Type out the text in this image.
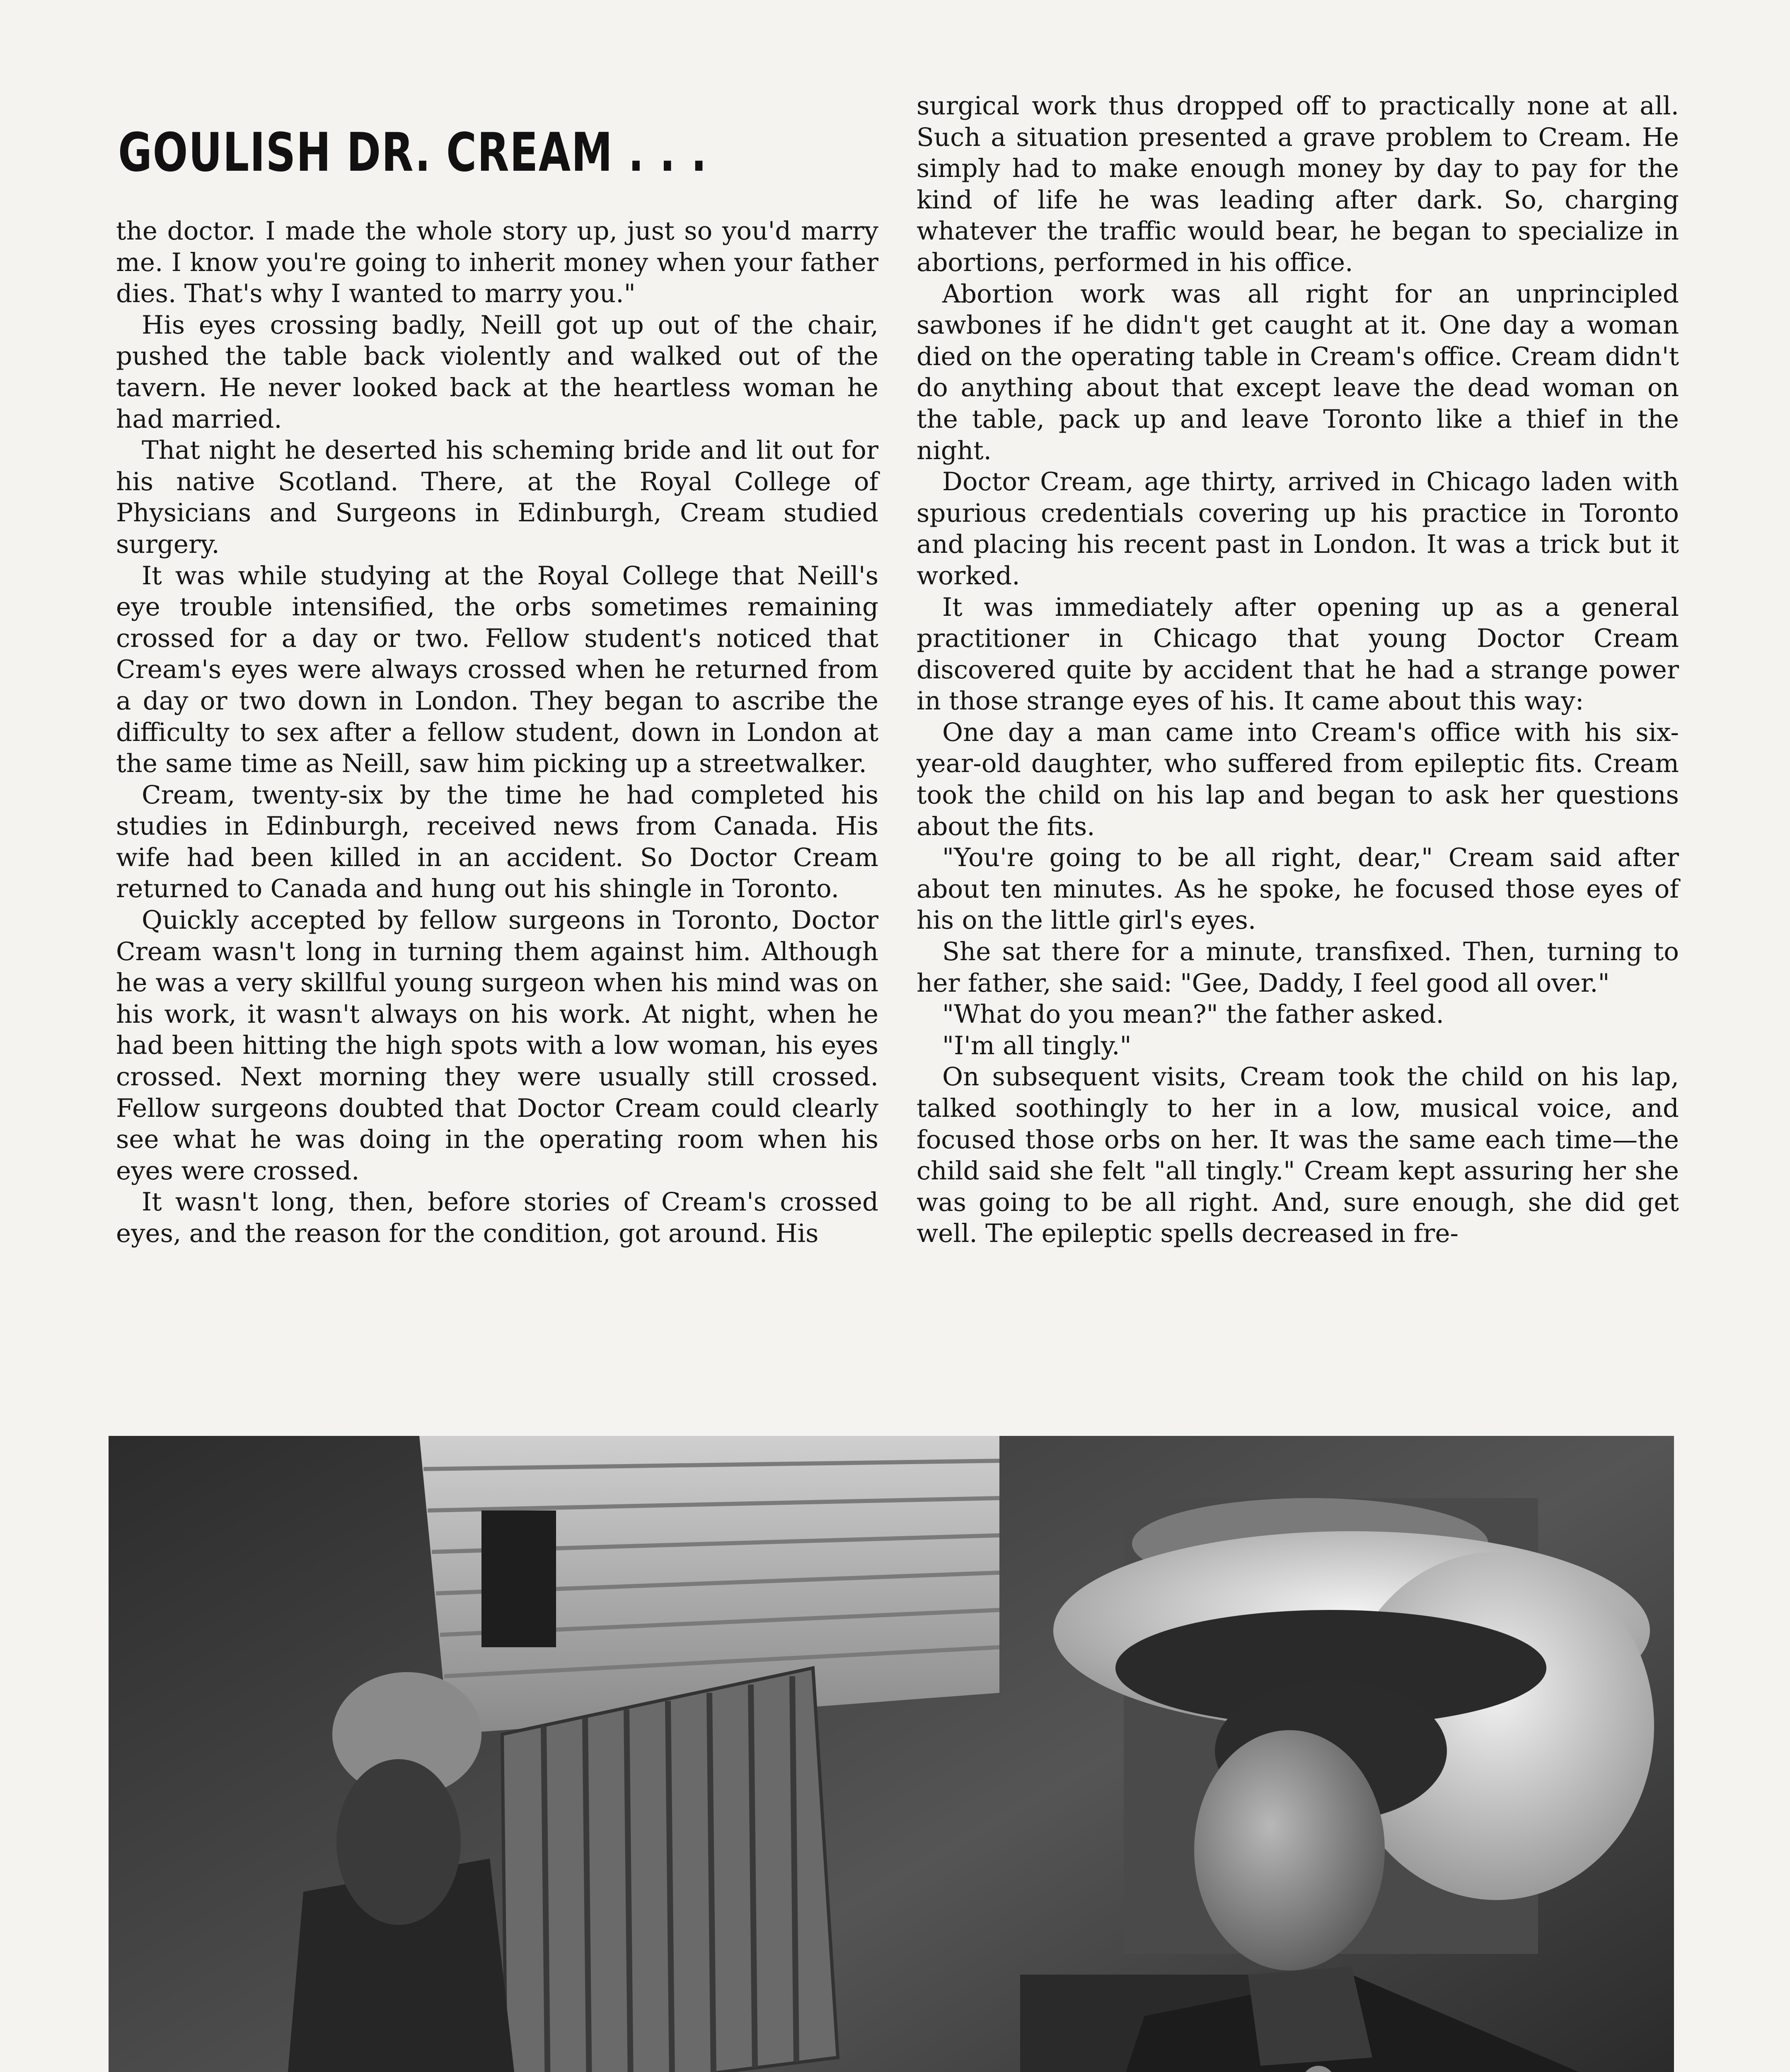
GOULISH DR. CREAM . . .

the doctor. I made the whole story up, just so you'd marry me. I know you're going to inherit money when your father dies. That's why I wanted to marry you."

His eyes crossing badly, Neill got up out of the chair, pushed the table back violently and walked out of the tavern. He never looked back at the heartless woman he had married.

That night he deserted his scheming bride and lit out for his native Scotland. There, at the Royal College of Physicians and Surgeons in Edinburgh, Cream studied surgery.

It was while studying at the Royal College that Neill's eye trouble intensified, the orbs sometimes remaining crossed for a day or two. Fellow student's noticed that Cream's eyes were always crossed when he returned from a day or two down in London. They began to ascribe the difficulty to sex after a fellow student, down in London at the same time as Neill, saw him picking up a streetwalker.

Cream, twenty-six by the time he had completed his studies in Edinburgh, received news from Canada. His wife had been killed in an accident. So Doctor Cream returned to Canada and hung out his shingle in Toronto.

Quickly accepted by fellow surgeons in Toronto, Doctor Cream wasn't long in turning them against him. Although he was a very skillful young surgeon when his mind was on his work, it wasn't always on his work. At night, when he had been hitting the high spots with a low woman, his eyes crossed. Next morning they were usually still crossed. Fellow surgeons doubted that Doctor Cream could clearly see what he was doing in the operating room when his eyes were crossed.

It wasn't long, then, before stories of Cream's crossed eyes, and the reason for the condition, got around. His

surgical work thus dropped off to practically none at all. Such a situation presented a grave problem to Cream. He simply had to make enough money by day to pay for the kind of life he was leading after dark. So, charging whatever the traffic would bear, he began to specialize in abortions, performed in his office.

Abortion work was all right for an unprincipled sawbones if he didn't get caught at it. One day a woman died on the operating table in Cream's office. Cream didn't do anything about that except leave the dead woman on the table, pack up and leave Toronto like a thief in the night.

Doctor Cream, age thirty, arrived in Chicago laden with spurious credentials covering up his practice in Toronto and placing his recent past in London. It was a trick but it worked.

It was immediately after opening up as a general practitioner in Chicago that young Doctor Cream discovered quite by accident that he had a strange power in those strange eyes of his. It came about this way:

One day a man came into Cream's office with his six-year-old daughter, who suffered from epileptic fits. Cream took the child on his lap and began to ask her questions about the fits.

"You're going to be all right, dear," Cream said after about ten minutes. As he spoke, he focused those eyes of his on the little girl's eyes.

She sat there for a minute, transfixed. Then, turning to her father, she said: "Gee, Daddy, I feel good all over."

"What do you mean?" the father asked.

"I'm all tingly."

On subsequent visits, Cream took the child on his lap, talked soothingly to her in a low, musical voice, and focused those orbs on her. It was the same each time—the child said she felt "all tingly." Cream kept assuring her she was going to be all right. And, sure enough, she did get well. The epileptic spells decreased in fre-
